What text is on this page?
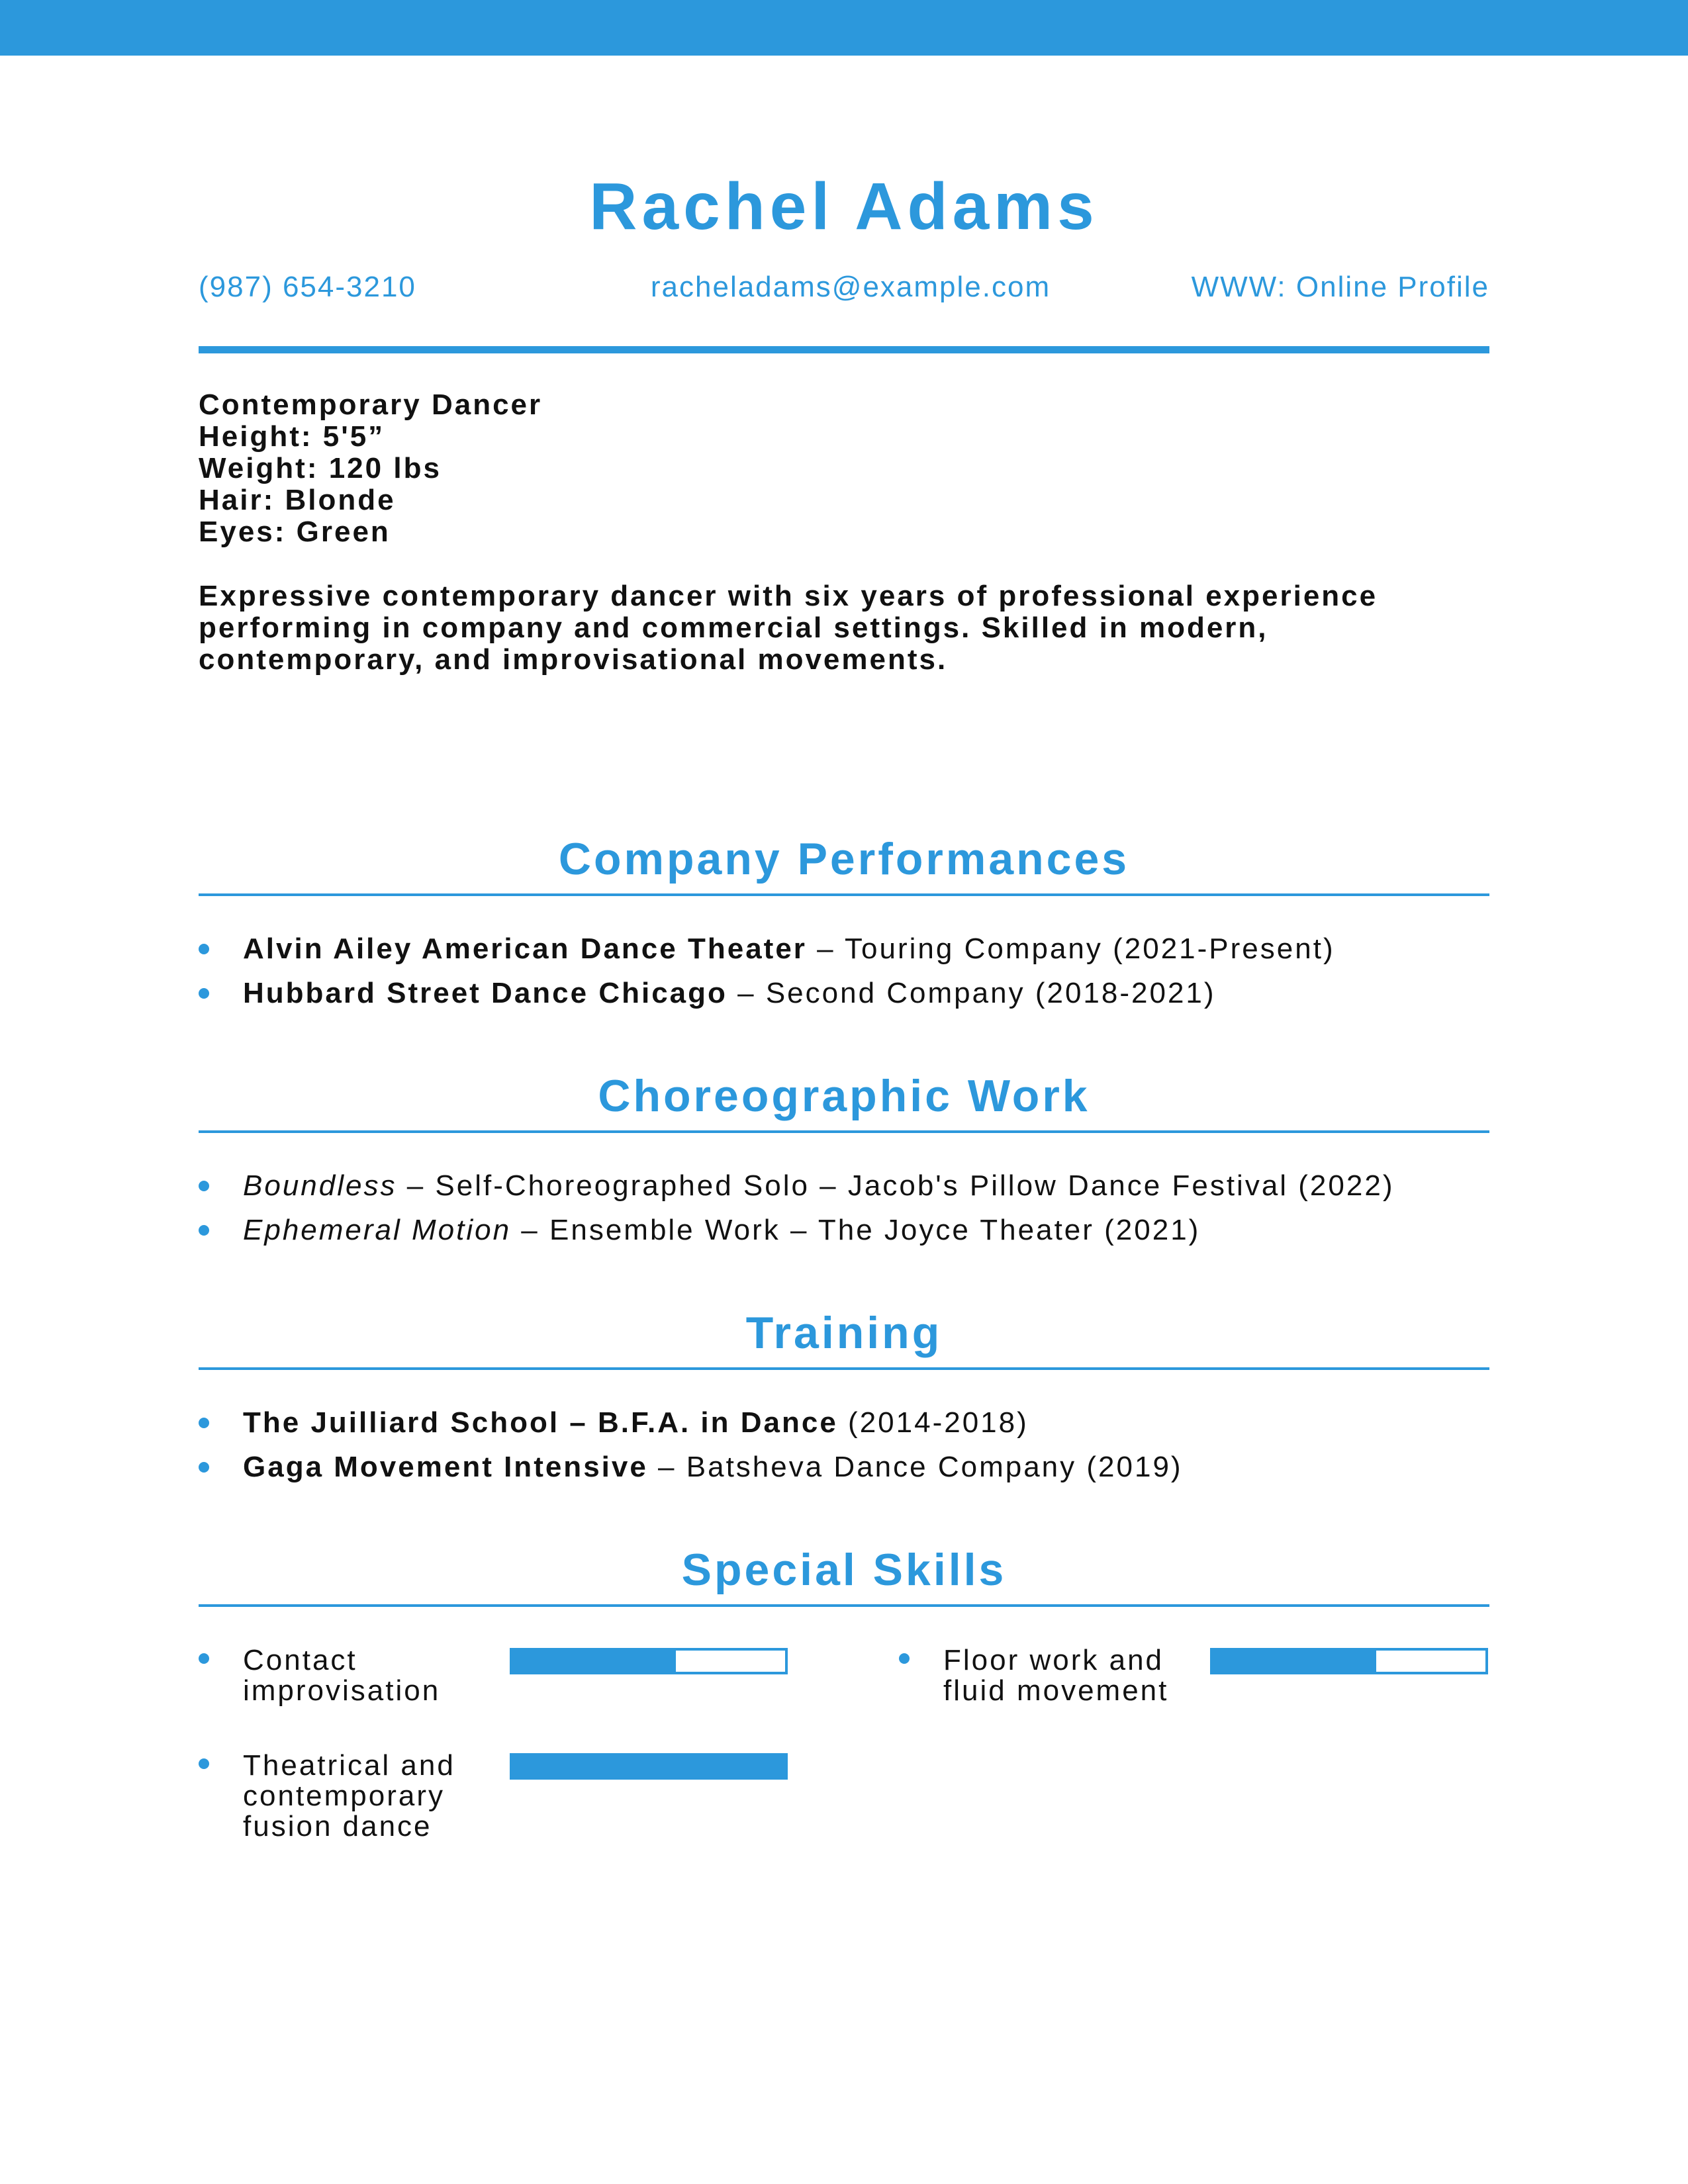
Rachel Adams
(987) 654-3210	racheladams@example.com	WWW: Online Profile
Contemporary Dancer
Height: 5'5”
Weight: 120 lbs
Hair: Blonde
Eyes: Green
Expressive contemporary dancer with six years of professional experience performing in company and commercial settings. Skilled in modern, contemporary, and improvisational movements.
Company Performances
Alvin Ailey American Dance Theater – Touring Company (2021-Present)
Hubbard Street Dance Chicago – Second Company (2018-2021)
Choreographic Work
Boundless – Self-Choreographed Solo – Jacob's Pillow Dance Festival (2022)
Ephemeral Motion – Ensemble Work – The Joyce Theater (2021)
Training
The Juilliard School – B.F.A. in Dance (2014-2018)
Gaga Movement Intensive – Batsheva Dance Company (2019)
Special Skills
Contact improvisation
Floor work and fluid movement
Theatrical and contemporary fusion dance
